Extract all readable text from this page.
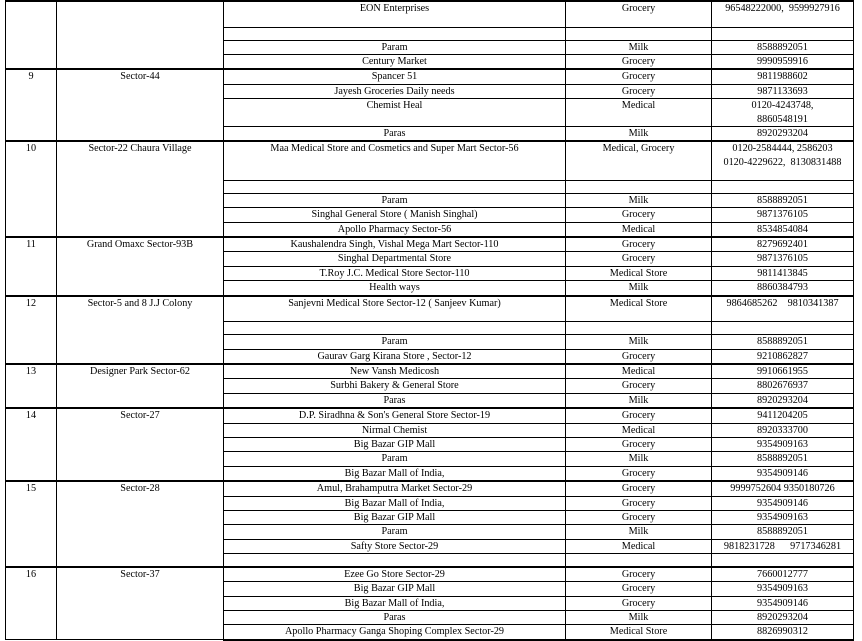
		EON Enterprises	Grocery	96548222000,  9599927916

		Param	Milk	8588892051
		Century Market	Grocery	9990959916
9	Sector-44	Spancer 51	Grocery	9811988602
		Jayesh Groceries Daily needs	Grocery	9871133693
		Chemist Heal	Medical	0120-4243748,
8860548191
		Paras	Milk	8920293204
10	Sector-22 Chaura Village	Maa Medical Store and Cosmetics and Super Mart Sector-56	Medical, Grocery	0120-2584444, 2586203
0120-4229622,  8130831488

		Param	Milk	8588892051
		Singhal General Store ( Manish Singhal)	Grocery	9871376105
		Apollo Pharmacy Sector-56	Medical	8534854084
11	Grand Omaxc Sector-93B	Kaushalendra Singh, Vishal Mega Mart Sector-110	Grocery	8279692401
		Singhal Departmental Store	Grocery	9871376105
		T.Roy J.C. Medical Store Sector-110	Medical Store	9811413845
		Health ways	Milk	8860384793
12	Sector-5 and 8 J.J Colony	Sanjevni Medical Store Sector-12 ( Sanjeev Kumar)	Medical Store	9864685262    9810341387

		Param	Milk	8588892051
		Gaurav Garg Kirana Store , Sector-12	Grocery	9210862827
13	Designer Park Sector-62	New Vansh Medicosh	Medical	9910661955
		Surbhi Bakery & General Store	Grocery	8802676937
		Paras	Milk	8920293204
14	Sector-27	D.P. Siradhna & Son's General Store Sector-19	Grocery	9411204205
		Nirmal Chemist	Medical	8920333700
		Big Bazar GIP Mall	Grocery	9354909163
		Param	Milk	8588892051
		Big Bazar Mall of India,	Grocery	9354909146
15	Sector-28	Amul, Brahamputra Market Sector-29	Grocery	9999752604 9350180726
		Big Bazar Mall of India,	Grocery	9354909146
		Big Bazar GIP Mall	Grocery	9354909163
		Param	Milk	8588892051
		Safty Store Sector-29	Medical	9818231728      9717346281

16	Sector-37	Ezee Go Store Sector-29	Grocery	7660012777
		Big Bazar GIP Mall	Grocery	9354909163
		Big Bazar Mall of India,	Grocery	9354909146
		Paras	Milk	8920293204
		Apollo Pharmacy Ganga Shoping Complex Sector-29	Medical Store	8826990312
